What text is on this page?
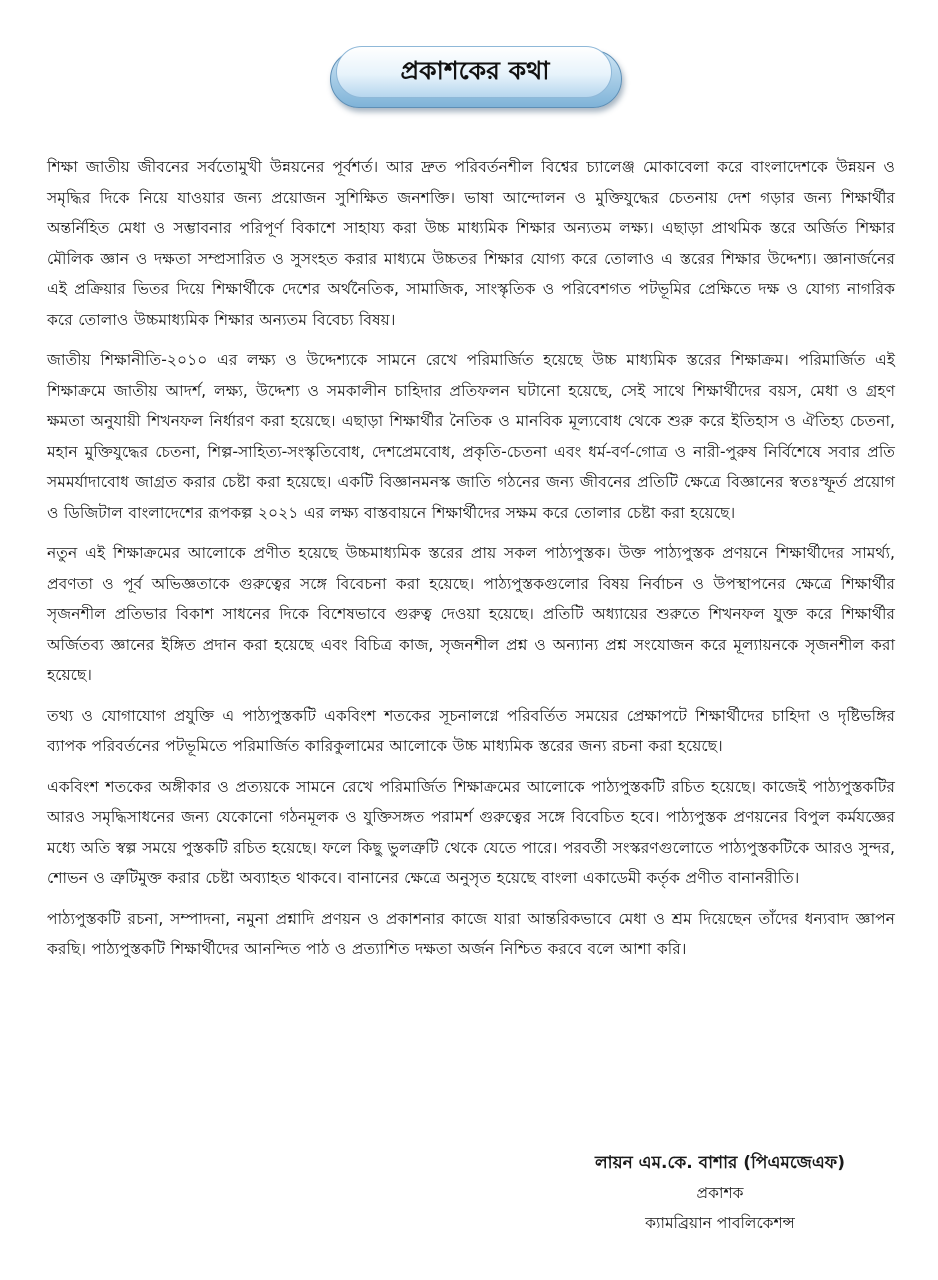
প্রকাশকের কথা

শিক্ষা জাতীয় জীবনের সর্বতোমুখী উন্নয়নের পূর্বশর্ত। আর দ্রুত পরিবর্তনশীল বিশ্বের চ্যালেঞ্জ মোকাবেলা করে বাংলাদেশকে উন্নয়ন ও সমৃদ্ধির দিকে নিয়ে যাওয়ার জন্য প্রয়োজন সুশিক্ষিত জনশক্তি। ভাষা আন্দোলন ও মুক্তিযুদ্ধের চেতনায় দেশ গড়ার জন্য শিক্ষার্থীর অন্তর্নিহিত মেধা ও সম্ভাবনার পরিপূর্ণ বিকাশে সাহায্য করা উচ্চ মাধ্যমিক শিক্ষার অন্যতম লক্ষ্য। এছাড়া প্রাথমিক স্তরে অর্জিত শিক্ষার মৌলিক জ্ঞান ও দক্ষতা সম্প্রসারিত ও সুসংহত করার মাধ্যমে উচ্চতর শিক্ষার যোগ্য করে তোলাও এ স্তরের শিক্ষার উদ্দেশ্য। জ্ঞানার্জনের এই প্রক্রিয়ার ভিতর দিয়ে শিক্ষার্থীকে দেশের অর্থনৈতিক, সামাজিক, সাংস্কৃতিক ও পরিবেশগত পটভূমির প্রেক্ষিতে দক্ষ ও যোগ্য নাগরিক করে তোলাও উচ্চমাধ্যমিক শিক্ষার অন্যতম বিবেচ্য বিষয়।

জাতীয় শিক্ষানীতি-২০১০ এর লক্ষ্য ও উদ্দেশ্যকে সামনে রেখে পরিমার্জিত হয়েছে উচ্চ মাধ্যমিক স্তরের শিক্ষাক্রম। পরিমার্জিত এই শিক্ষাক্রমে জাতীয় আদর্শ, লক্ষ্য, উদ্দেশ্য ও সমকালীন চাহিদার প্রতিফলন ঘটানো হয়েছে, সেই সাথে শিক্ষার্থীদের বয়স, মেধা ও গ্রহণ ক্ষমতা অনুযায়ী শিখনফল নির্ধারণ করা হয়েছে। এছাড়া শিক্ষার্থীর নৈতিক ও মানবিক মূল্যবোধ থেকে শুরু করে ইতিহাস ও ঐতিহ্য চেতনা, মহান মুক্তিযুদ্ধের চেতনা, শিল্প-সাহিত্য-সংস্কৃতিবোধ, দেশপ্রেমবোধ, প্রকৃতি-চেতনা এবং ধর্ম-বর্ণ-গোত্র ও নারী-পুরুষ নির্বিশেষে সবার প্রতি সমমর্যাদাবোধ জাগ্রত করার চেষ্টা করা হয়েছে। একটি বিজ্ঞানমনস্ক জাতি গঠনের জন্য জীবনের প্রতিটি ক্ষেত্রে বিজ্ঞানের স্বতঃস্ফূর্ত প্রয়োগ ও ডিজিটাল বাংলাদেশের রূপকল্প ২০২১ এর লক্ষ্য বাস্তবায়নে শিক্ষার্থীদের সক্ষম করে তোলার চেষ্টা করা হয়েছে।

নতুন এই শিক্ষাক্রমের আলোকে প্রণীত হয়েছে উচ্চমাধ্যমিক স্তরের প্রায় সকল পাঠ্যপুস্তক। উক্ত পাঠ্যপুস্তক প্রণয়নে শিক্ষার্থীদের সামর্থ্য, প্রবণতা ও পূর্ব অভিজ্ঞতাকে গুরুত্বের সঙ্গে বিবেচনা করা হয়েছে। পাঠ্যপুস্তকগুলোর বিষয় নির্বাচন ও উপস্থাপনের ক্ষেত্রে শিক্ষার্থীর সৃজনশীল প্রতিভার বিকাশ সাধনের দিকে বিশেষভাবে গুরুত্ব দেওয়া হয়েছে। প্রতিটি অধ্যায়ের শুরুতে শিখনফল যুক্ত করে শিক্ষার্থীর অর্জিতব্য জ্ঞানের ইঙ্গিত প্রদান করা হয়েছে এবং বিচিত্র কাজ, সৃজনশীল প্রশ্ন ও অন্যান্য প্রশ্ন সংযোজন করে মূল্যায়নকে সৃজনশীল করা হয়েছে।

তথ্য ও যোগাযোগ প্রযুক্তি এ পাঠ্যপুস্তকটি একবিংশ শতকের সূচনালগ্নে পরিবর্তিত সময়ের প্রেক্ষাপটে শিক্ষার্থীদের চাহিদা ও দৃষ্টিভঙ্গির ব্যাপক পরিবর্তনের পটভূমিতে পরিমার্জিত কারিকুলামের আলোকে উচ্চ মাধ্যমিক স্তরের জন্য রচনা করা হয়েছে।

একবিংশ শতকের অঙ্গীকার ও প্রত্যয়কে সামনে রেখে পরিমার্জিত শিক্ষাক্রমের আলোকে পাঠ্যপুস্তকটি রচিত হয়েছে। কাজেই পাঠ্যপুস্তকটির আরও সমৃদ্ধিসাধনের জন্য যেকোনো গঠনমূলক ও যুক্তিসঙ্গত পরামর্শ গুরুত্বের সঙ্গে বিবেচিত হবে। পাঠ্যপুস্তক প্রণয়নের বিপুল কর্মযজ্ঞের মধ্যে অতি স্বল্প সময়ে পুস্তকটি রচিত হয়েছে। ফলে কিছু ভুলত্রুটি থেকে যেতে পারে। পরবর্তী সংস্করণগুলোতে পাঠ্যপুস্তকটিকে আরও সুন্দর, শোভন ও ত্রুটিমুক্ত করার চেষ্টা অব্যাহত থাকবে। বানানের ক্ষেত্রে অনুসৃত হয়েছে বাংলা একাডেমী কর্তৃক প্রণীত বানানরীতি।

পাঠ্যপুস্তকটি রচনা, সম্পাদনা, নমুনা প্রশ্নাদি প্রণয়ন ও প্রকাশনার কাজে যারা আন্তরিকভাবে মেধা ও শ্রম দিয়েছেন তাঁদের ধন্যবাদ জ্ঞাপন করছি। পাঠ্যপুস্তকটি শিক্ষার্থীদের আনন্দিত পাঠ ও প্রত্যাশিত দক্ষতা অর্জন নিশ্চিত করবে বলে আশা করি।

লায়ন এম.কে. বাশার (পিএমজেএফ)
প্রকাশক
ক্যামব্রিয়ান পাবলিকেশন্স
